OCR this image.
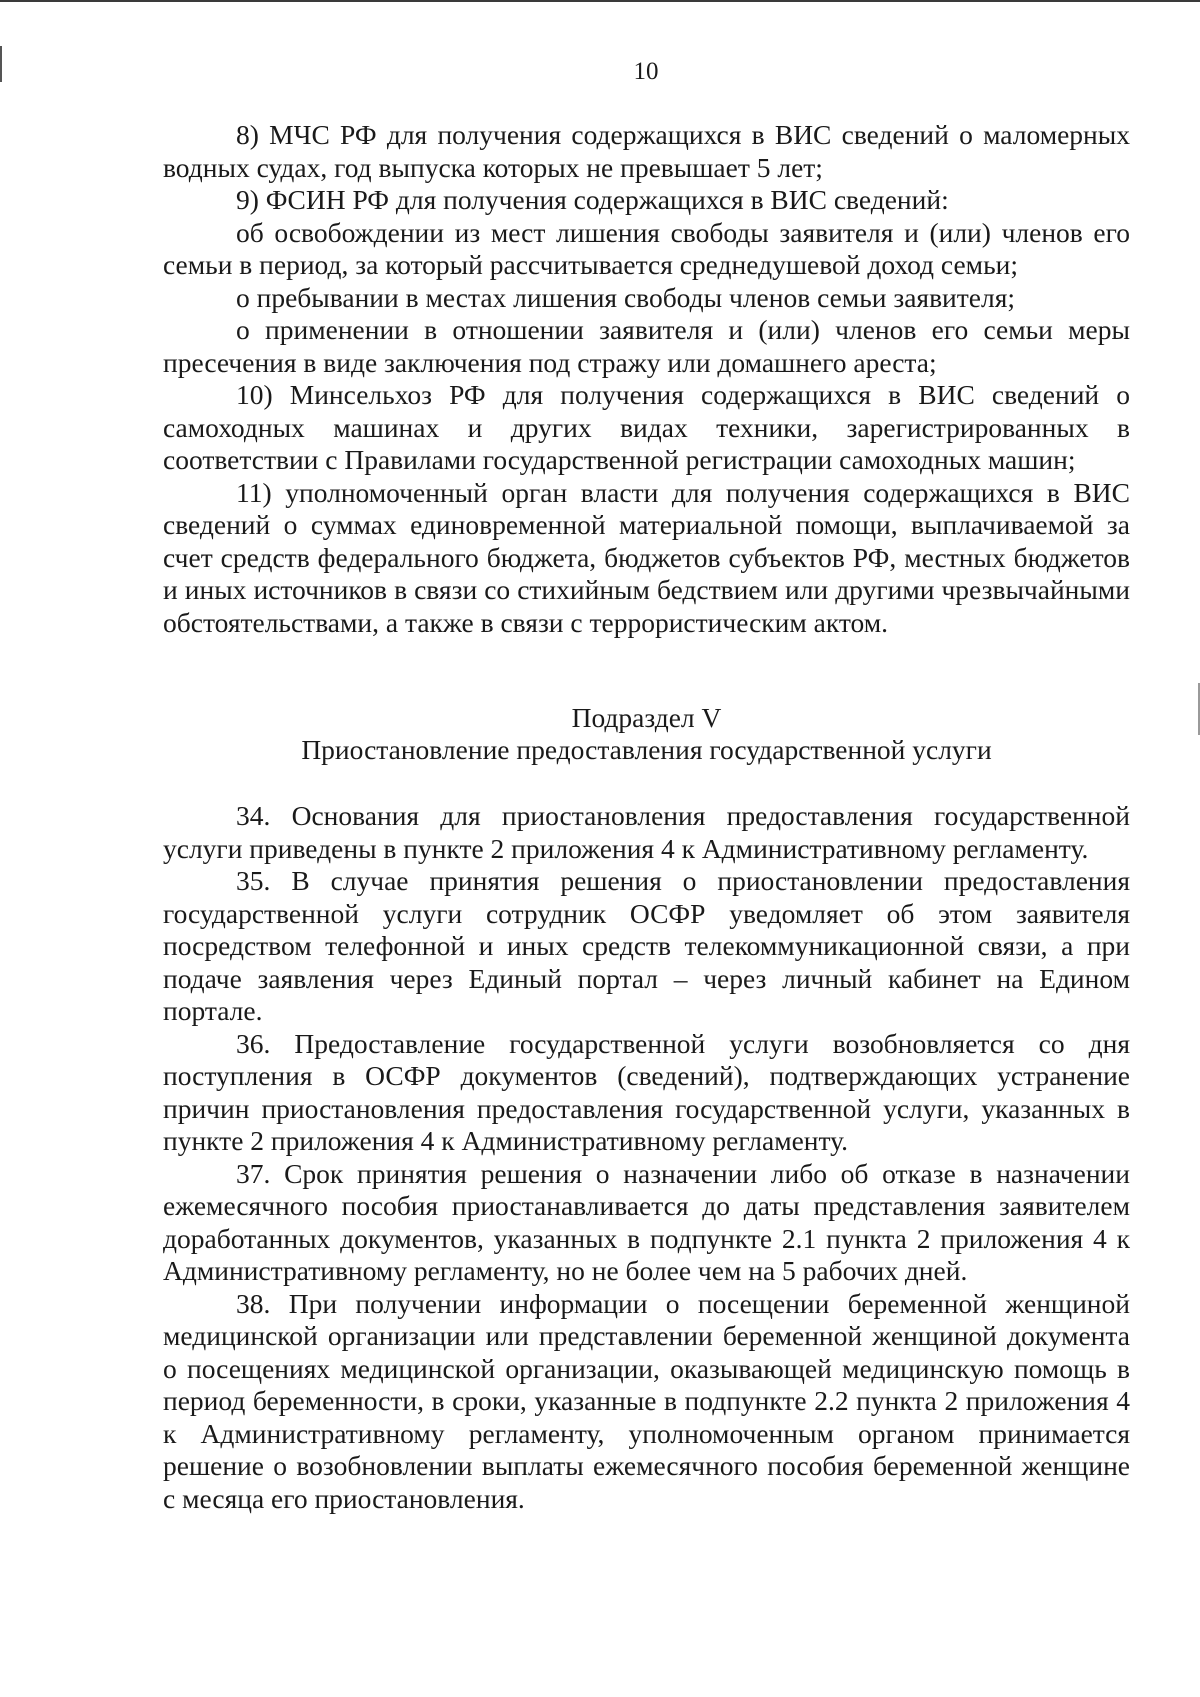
10

8) МЧС РФ для получения содержащихся в ВИС сведений о маломерных водных судах, год выпуска которых не превышает 5 лет;

9) ФСИН РФ для получения содержащихся в ВИС сведений:

об освобождении из мест лишения свободы заявителя и (или) членов его семьи в период, за который рассчитывается среднедушевой доход семьи;

о пребывании в местах лишения свободы членов семьи заявителя;

о применении в отношении заявителя и (или) членов его семьи меры пресечения в виде заключения под стражу или домашнего ареста;

10) Минсельхоз РФ для получения содержащихся в ВИС сведений о самоходных машинах и других видах техники, зарегистрированных в соответствии с Правилами государственной регистрации самоходных машин;

11) уполномоченный орган власти для получения содержащихся в ВИС сведений о суммах единовременной материальной помощи, выплачиваемой за счет средств федерального бюджета, бюджетов субъектов РФ, местных бюджетов и иных источников в связи со стихийным бедствием или другими чрезвычайными обстоятельствами, а также в связи с террористическим актом.

Подраздел V

Приостановление предоставления государственной услуги

34. Основания для приостановления предоставления государственной услуги приведены в пункте 2 приложения 4 к Административному регламенту.

35. В случае принятия решения о приостановлении предоставления государственной услуги сотрудник ОСФР уведомляет об этом заявителя посредством телефонной и иных средств телекоммуникационной связи, а при подаче заявления через Единый портал – через личный кабинет на Едином портале.

36. Предоставление государственной услуги возобновляется со дня поступления в ОСФР документов (сведений), подтверждающих устранение причин приостановления предоставления государственной услуги, указанных в пункте 2 приложения 4 к Административному регламенту.

37. Срок принятия решения о назначении либо об отказе в назначении ежемесячного пособия приостанавливается до даты представления заявителем доработанных документов, указанных в подпункте 2.1 пункта 2 приложения 4 к Административному регламенту, но не более чем на 5 рабочих дней.

38. При получении информации о посещении беременной женщиной медицинской организации или представлении беременной женщиной документа о посещениях медицинской организации, оказывающей медицинскую помощь в период беременности, в сроки, указанные в подпункте 2.2 пункта 2 приложения 4 к Административному регламенту, уполномоченным органом принимается решение о возобновлении выплаты ежемесячного пособия беременной женщине с месяца его приостановления.
